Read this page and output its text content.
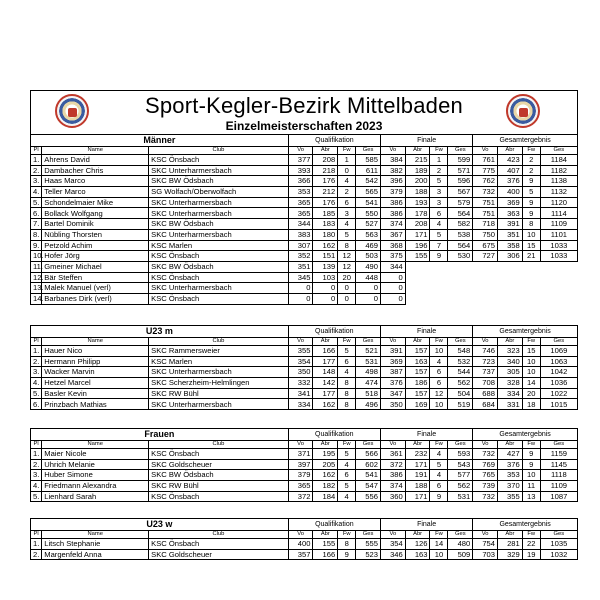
Sport-Kegler-Bezirk Mittelbaden
Einzelmeisterschaften 2023
Männer			Qualifikation				Finale				Gesamtergebnis			
Pl	Name	Club	Vo	Abr	Fw	Ges	Vo	Abr	Fw	Ges	Vo	Abr	Fw	Ges
1.	Ahrens David	KSC Önsbach	377	208	1	585	384	215	1	599	761	423	2	1184
2.	Dambacher Chris	SKC Unterharmersbach	393	218	0	611	382	189	2	571	775	407	2	1182
3.	Haas Marco	SKC BW Ödsbach	366	176	4	542	396	200	5	596	762	376	9	1138
4.	Teller Marco	SG Wolfach/Oberwolfach	353	212	2	565	379	188	3	567	732	400	5	1132
5.	Schondelmaier Mike	SKC Unterharmersbach	365	176	6	541	386	193	3	579	751	369	9	1120
6.	Bollack Wolfgang	SKC Unterharmersbach	365	185	3	550	386	178	6	564	751	363	9	1114
7.	Bartel Dominik	SKC BW Ödsbach	344	183	4	527	374	208	4	582	718	391	8	1109
8.	Nübling Thorsten	SKC Unterharmersbach	383	180	5	563	367	171	5	538	750	351	10	1101
9.	Petzold Achim	KSC Marlen	307	162	8	469	368	196	7	564	675	358	15	1033
10.	Hofer Jörg	KSC Önsbach	352	151	12	503	375	155	9	530	727	306	21	1033
11.	Gmeiner Michael	SKC BW Ödsbach	351	139	12	490	344							
12.	Bär Steffen	KSC Önsbach	345	103	20	448	0							
13.	Malek Manuel (verl)	SKC Unterharmersbach	0	0	0	0	0							
14.	Barbanes Dirk (verl)	KSC Önsbach	0	0	0	0	0							
U23 m			Qualifikation				Finale				Gesamtergebnis			
Pl	Name	Club	Vo	Abr	Fw	Ges	Vo	Abr	Fw	Ges	Vo	Abr	Fw	Ges
1.	Hauer Nico	SKC Rammersweier	355	166	5	521	391	157	10	548	746	323	15	1069
2.	Hermann Philipp	KSC Marlen	354	177	6	531	369	163	4	532	723	340	10	1063
3.	Wacker Marvin	SKC Unterharmersbach	350	148	4	498	387	157	6	544	737	305	10	1042
4.	Hetzel Marcel	SKC Scherzheim-Helmlingen	332	142	8	474	376	186	6	562	708	328	14	1036
5.	Basler Kevin	SKC RW Bühl	341	177	8	518	347	157	12	504	688	334	20	1022
6.	Prinzbach Mathias	SKC Unterharmersbach	334	162	8	496	350	169	10	519	684	331	18	1015
Frauen			Qualifikation				Finale				Gesamtergebnis			
Pl	Name	Club	Vo	Abr	Fw	Ges	Vo	Abr	Fw	Ges	Vo	Abr	Fw	Ges
1.	Maier Nicole	KSC Önsbach	371	195	5	566	361	232	4	593	732	427	9	1159
2.	Uhrich Melanie	SKC Goldscheuer	397	205	4	602	372	171	5	543	769	376	9	1145
3.	Huber Simone	SKC BW Ödsbach	379	162	6	541	386	191	4	577	765	353	10	1118
4.	Friedmann Alexandra	SKC RW Bühl	365	182	5	547	374	188	6	562	739	370	11	1109
5.	Lienhard Sarah	KSC Önsbach	372	184	4	556	360	171	9	531	732	355	13	1087
U23 w			Qualifikation				Finale				Gesamtergebnis			
Pl	Name	Club	Vo	Abr	Fw	Ges	Vo	Abr	Fw	Ges	Vo	Abr	Fw	Ges
1.	Litsch Stephanie	KSC Önsbach	400	155	8	555	354	126	14	480	754	281	22	1035
2.	Margenfeld Anna	SKC Goldscheuer	357	166	9	523	346	163	10	509	703	329	19	1032
